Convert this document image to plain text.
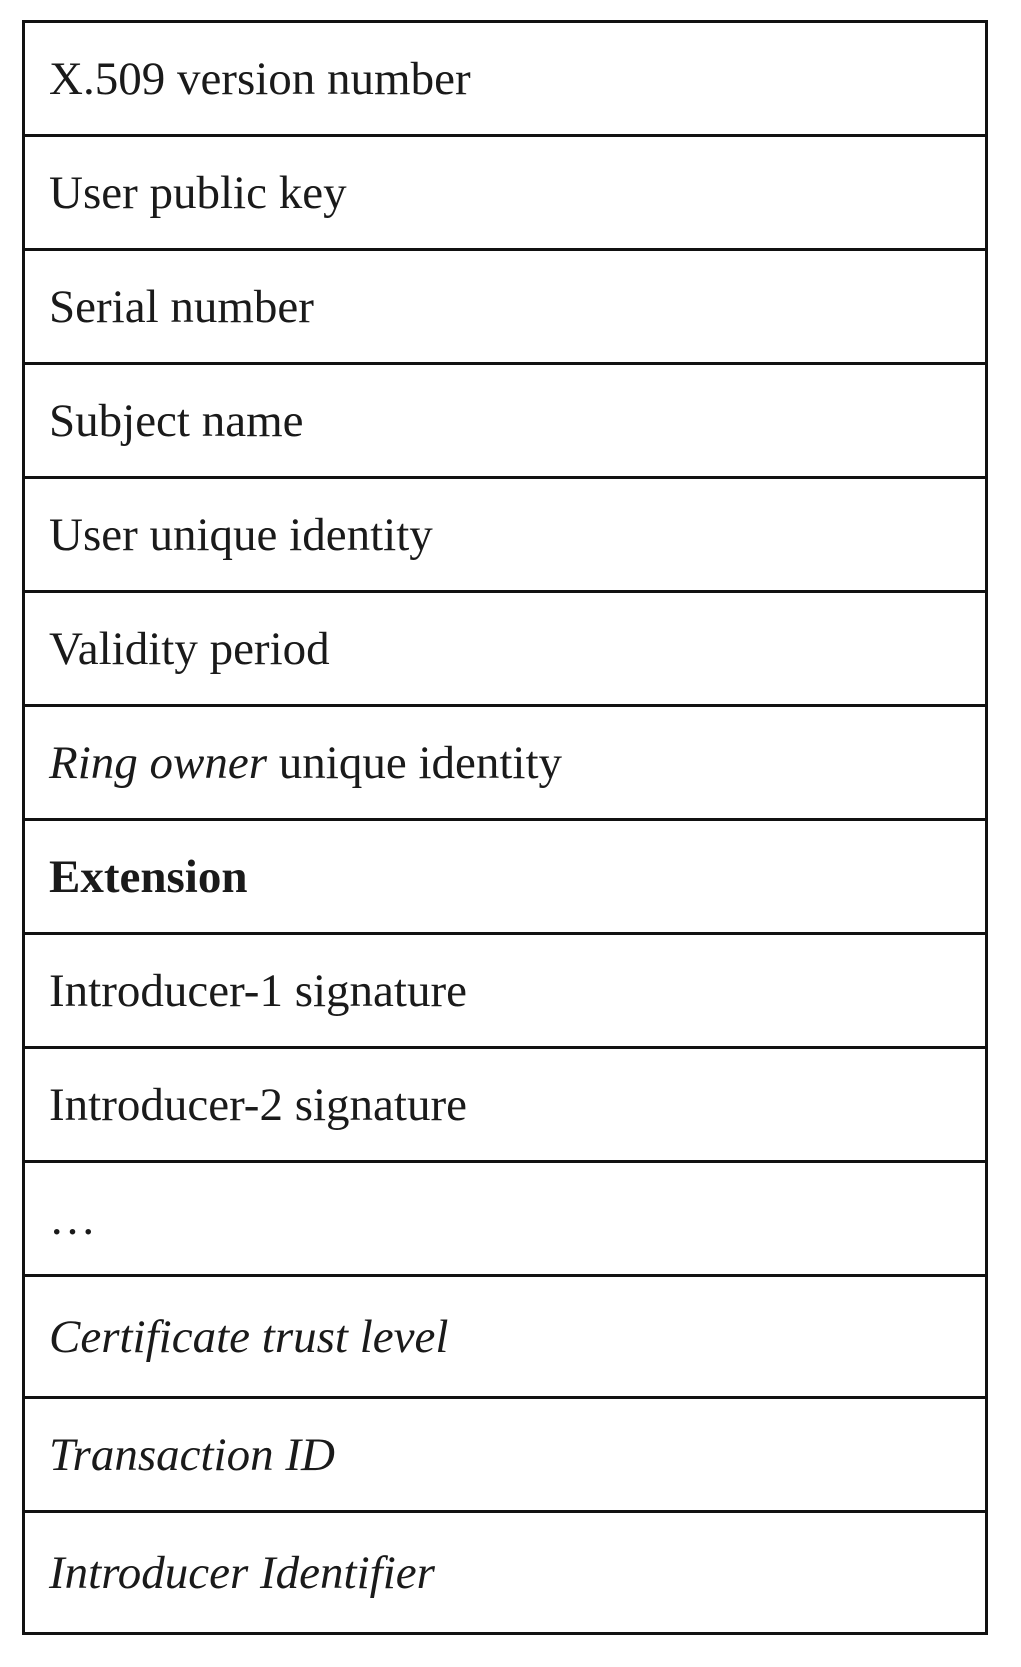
X.509 version number
User public key
Serial number
Subject name
User unique identity
Validity period
Ring owner unique identity
Extension
Introducer-1 signature
Introducer-2 signature
…
Certificate trust level
Transaction ID
Introducer Identifier
